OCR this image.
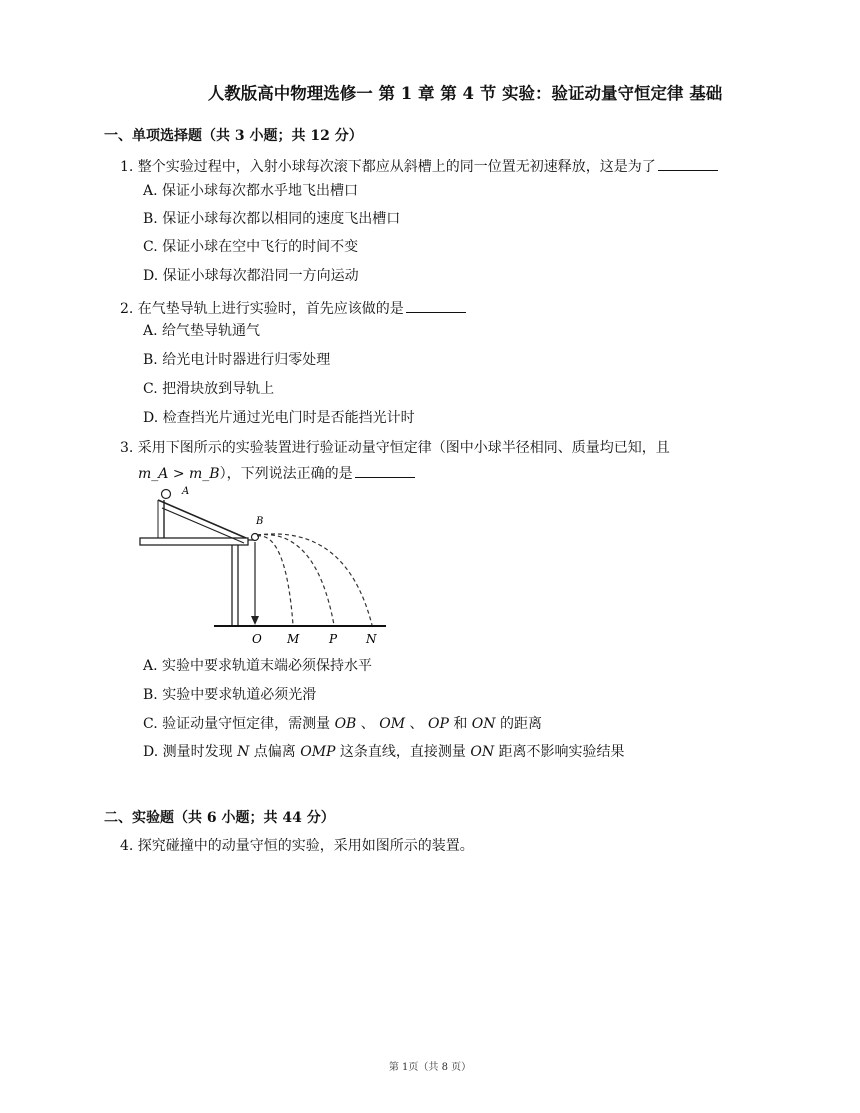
人教版高中物理选修一 第 1 章 第 4 节 实验：验证动量守恒定律 基础
一、单项选择题（共 3 小题；共 12 分）
1. 整个实验过程中，入射小球每次滚下都应从斜槽上的同一位置无初速释放，这是为了
A. 保证小球每次都水乎地飞出槽口
B. 保证小球每次都以相同的速度飞出槽口
C. 保证小球在空中飞行的时间不变
D. 保证小球每次都沿同一方向运动
2. 在气垫导轨上进行实验时，首先应该做的是
A. 给气垫导轨通气
B. 给光电计时器进行归零处理
C. 把滑块放到导轨上
D. 检查挡光片通过光电门时是否能挡光计时
3. 采用下图所示的实验装置进行验证动量守恒定律（图中小球半径相同、质量均已知，且
m_A > m_B），下列说法正确的是
A
B
O M P N
A. 实验中要求轨道末端必须保持水平
B. 实验中要求轨道必须光滑
C. 验证动量守恒定律，需测量 OB 、 OM 、 OP 和 ON 的距离
D. 测量时发现 N 点偏离 OMP 这条直线，直接测量 ON 距离不影响实验结果
二、实验题（共 6 小题；共 44 分）
4. 探究碰撞中的动量守恒的实验，采用如图所示的装置。
第 1页（共 8 页）
